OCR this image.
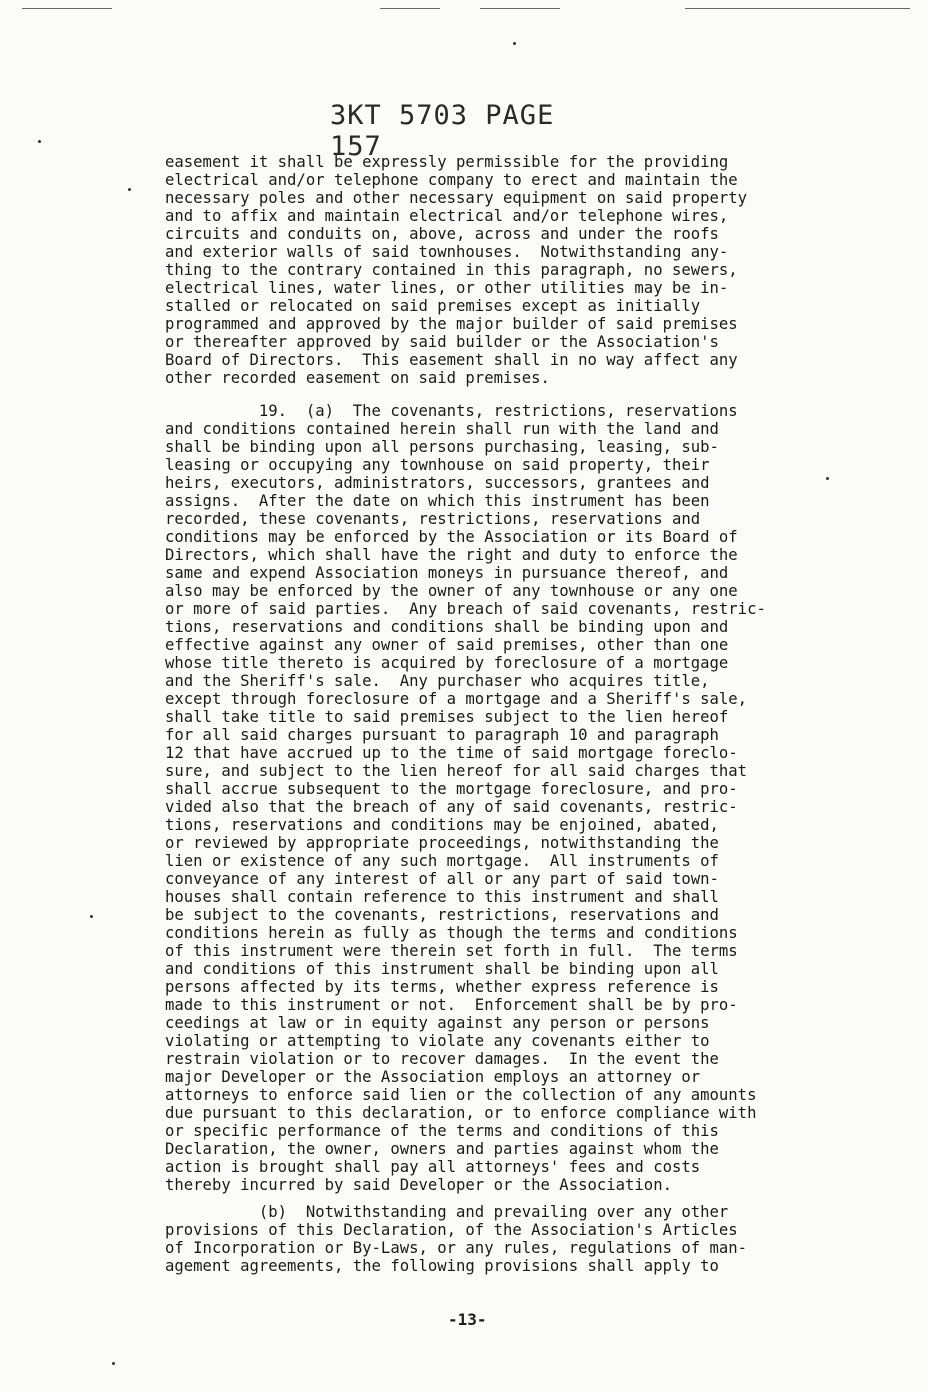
3KT 5703 PAGE 157
easement it shall be expressly permissible for the providing
electrical and/or telephone company to erect and maintain the
necessary poles and other necessary equipment on said property
and to affix and maintain electrical and/or telephone wires,
circuits and conduits on, above, across and under the roofs
and exterior walls of said townhouses.  Notwithstanding any-
thing to the contrary contained in this paragraph, no sewers,
electrical lines, water lines, or other utilities may be in-
stalled or relocated on said premises except as initially
programmed and approved by the major builder of said premises
or thereafter approved by said builder or the Association's
Board of Directors.  This easement shall in no way affect any
other recorded easement on said premises.
19.  (a)  The covenants, restrictions, reservations
and conditions contained herein shall run with the land and
shall be binding upon all persons purchasing, leasing, sub-
leasing or occupying any townhouse on said property, their
heirs, executors, administrators, successors, grantees and
assigns.  After the date on which this instrument has been
recorded, these covenants, restrictions, reservations and
conditions may be enforced by the Association or its Board of
Directors, which shall have the right and duty to enforce the
same and expend Association moneys in pursuance thereof, and
also may be enforced by the owner of any townhouse or any one
or more of said parties.  Any breach of said covenants, restric-
tions, reservations and conditions shall be binding upon and
effective against any owner of said premises, other than one
whose title thereto is acquired by foreclosure of a mortgage
and the Sheriff's sale.  Any purchaser who acquires title,
except through foreclosure of a mortgage and a Sheriff's sale,
shall take title to said premises subject to the lien hereof
for all said charges pursuant to paragraph 10 and paragraph
12 that have accrued up to the time of said mortgage foreclo-
sure, and subject to the lien hereof for all said charges that
shall accrue subsequent to the mortgage foreclosure, and pro-
vided also that the breach of any of said covenants, restric-
tions, reservations and conditions may be enjoined, abated,
or reviewed by appropriate proceedings, notwithstanding the
lien or existence of any such mortgage.  All instruments of
conveyance of any interest of all or any part of said town-
houses shall contain reference to this instrument and shall
be subject to the covenants, restrictions, reservations and
conditions herein as fully as though the terms and conditions
of this instrument were therein set forth in full.  The terms
and conditions of this instrument shall be binding upon all
persons affected by its terms, whether express reference is
made to this instrument or not.  Enforcement shall be by pro-
ceedings at law or in equity against any person or persons
violating or attempting to violate any covenants either to
restrain violation or to recover damages.  In the event the
major Developer or the Association employs an attorney or
attorneys to enforce said lien or the collection of any amounts
due pursuant to this declaration, or to enforce compliance with
or specific performance of the terms and conditions of this
Declaration, the owner, owners and parties against whom the
action is brought shall pay all attorneys' fees and costs
thereby incurred by said Developer or the Association.
(b)  Notwithstanding and prevailing over any other
provisions of this Declaration, of the Association's Articles
of Incorporation or By-Laws, or any rules, regulations of man-
agement agreements, the following provisions shall apply to
-13-
